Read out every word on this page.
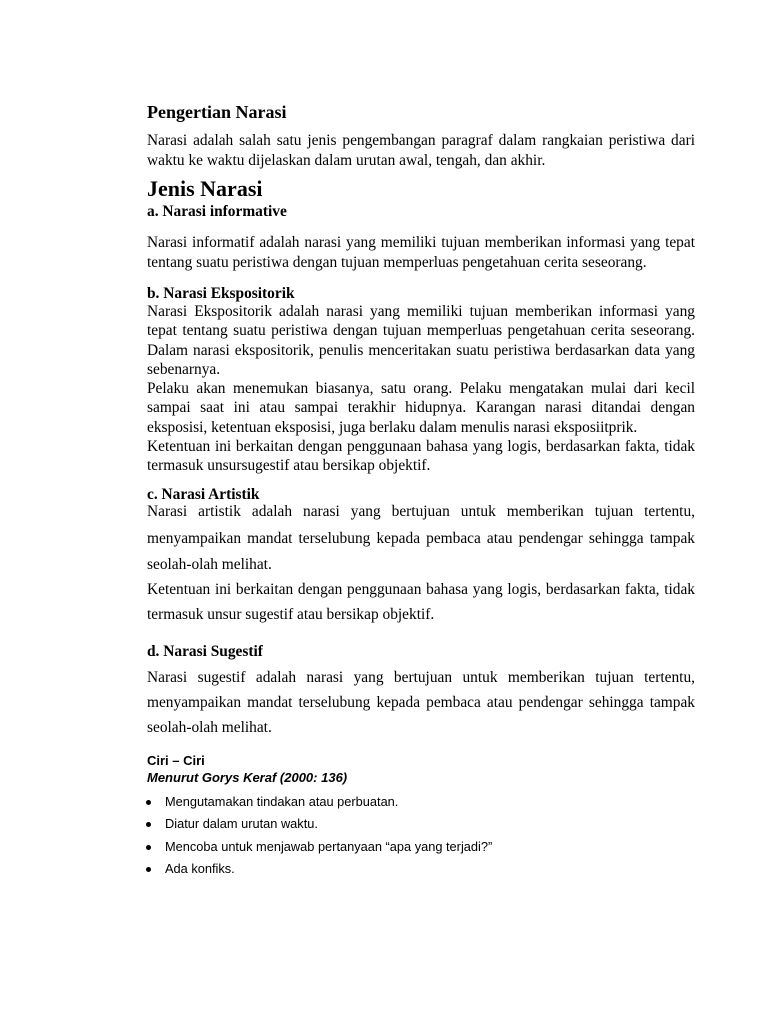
Pengertian Narasi
Narasi adalah salah satu jenis pengembangan paragraf dalam rangkaian peristiwa dari
waktu ke waktu dijelaskan dalam urutan awal, tengah, dan akhir.
Jenis Narasi
a. Narasi informative
Narasi informatif adalah narasi yang memiliki tujuan memberikan informasi yang tepat
tentang suatu peristiwa dengan tujuan memperluas pengetahuan cerita seseorang.
b. Narasi Ekspositorik
Narasi Ekspositorik adalah narasi yang memiliki tujuan memberikan informasi yang
tepat tentang suatu peristiwa dengan tujuan memperluas pengetahuan cerita seseorang.
Dalam narasi ekspositorik, penulis menceritakan suatu peristiwa berdasarkan data yang
sebenarnya.
Pelaku akan menemukan biasanya, satu orang. Pelaku mengatakan mulai dari kecil
sampai saat ini atau sampai terakhir hidupnya. Karangan narasi ditandai dengan
eksposisi, ketentuan eksposisi, juga berlaku dalam menulis narasi eksposiitprik.
Ketentuan ini berkaitan dengan penggunaan bahasa yang logis, berdasarkan fakta, tidak
termasuk unsursugestif atau bersikap objektif.
c. Narasi Artistik
Narasi artistik adalah narasi yang bertujuan untuk memberikan tujuan tertentu,
menyampaikan mandat terselubung kepada pembaca atau pendengar sehingga tampak
seolah-olah melihat.
Ketentuan ini berkaitan dengan penggunaan bahasa yang logis, berdasarkan fakta, tidak
termasuk unsur sugestif atau bersikap objektif.
d. Narasi Sugestif
Narasi sugestif adalah narasi yang bertujuan untuk memberikan tujuan tertentu,
menyampaikan mandat terselubung kepada pembaca atau pendengar sehingga tampak
seolah-olah melihat.
Ciri – Ciri
Menurut Gorys Keraf (2000: 136)
Mengutamakan tindakan atau perbuatan.
Diatur dalam urutan waktu.
Mencoba untuk menjawab pertanyaan “apa yang terjadi?”
Ada konfiks.
